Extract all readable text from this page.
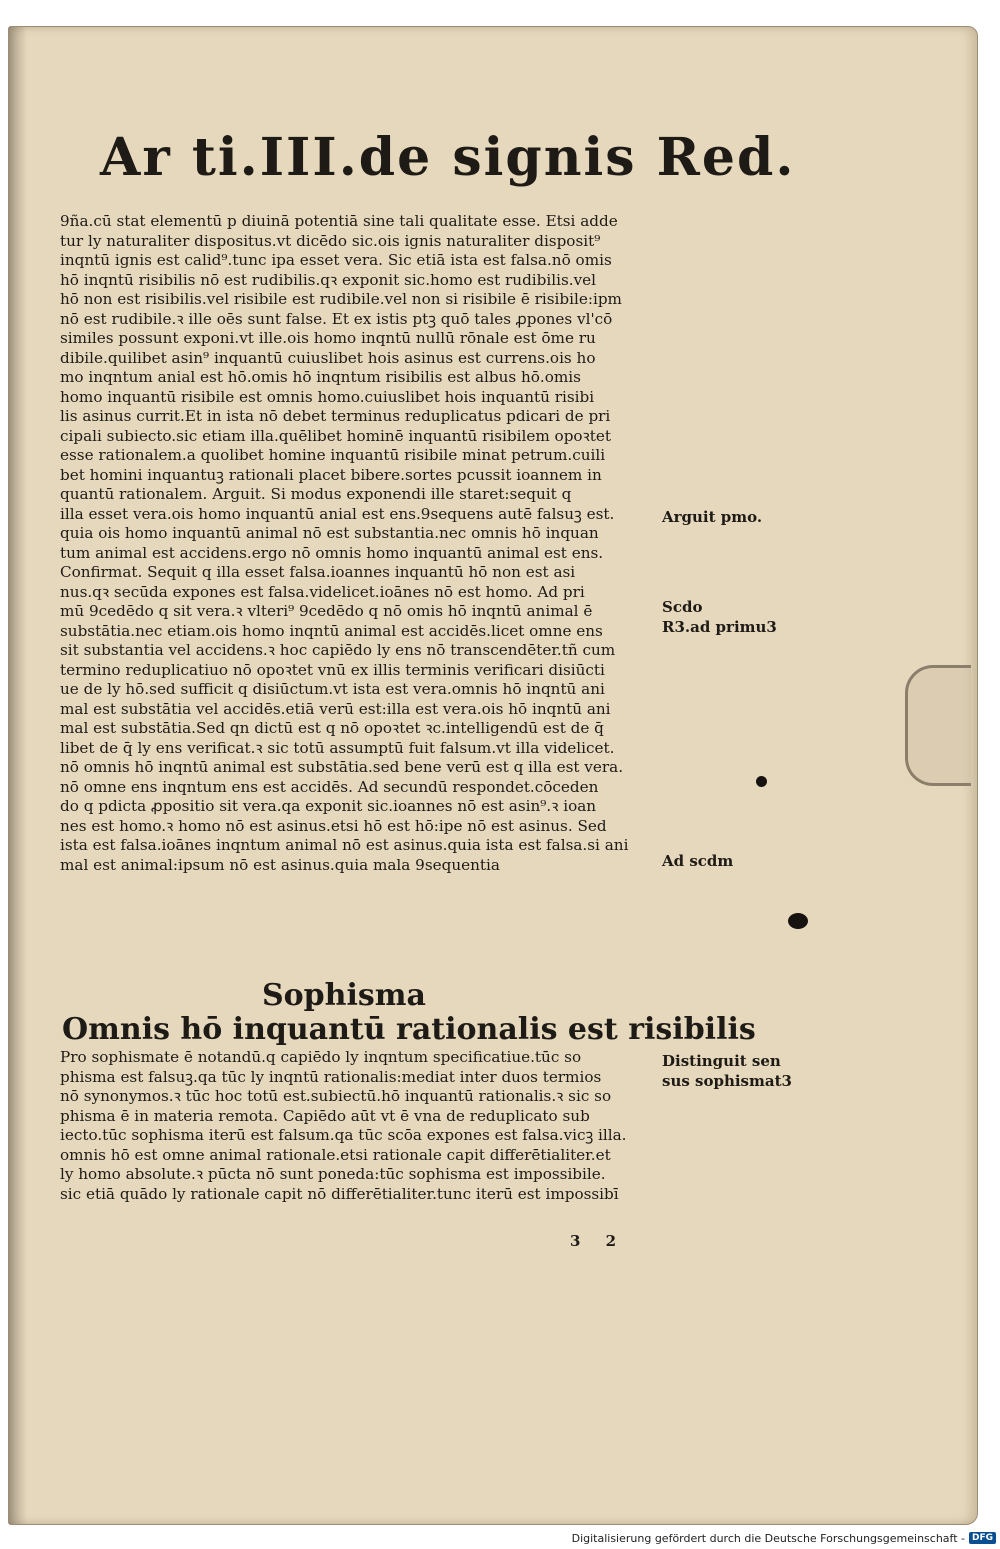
Ar ti.III.de signis Red.
9ña.cū stat elementū p diuinā potentiā sine tali qualitate esse. Etsi adde
tur ly naturaliter dispositus.vt dicēdo sic.ois ignis naturaliter disposit⁹
inqntū ignis est calid⁹.tunc ipa esset vera. Sic etiā ista est falsa.nō omis
hō inqntū risibilis nō est rudibilis.qꝛ exponit sic.homo est rudibilis.vel
hō non est risibilis.vel risibile est rudibile.vel non si risibile ē risibile:ipm
nō est rudibile.ꝛ ille oēs sunt false. Et ex istis ptꝫ quō tales ꝓpones vl'cō
similes possunt exponi.vt ille.ois homo inqntū nullū rōnale est ōme ru
dibile.quilibet asin⁹ inquantū cuiuslibet hois asinus est currens.ois ho
mo inqntum anial est hō.omis hō inqntum risibilis est albus hō.omis
homo inquantū risibile est omnis homo.cuiuslibet hois inquantū risibi
lis asinus currit.Et in ista nō debet terminus reduplicatus pdicari de pri
cipali subiecto.sic etiam illa.quēlibet hominē inquantū risibilem opoꝛtet
esse rationalem.a quolibet homine inquantū risibile minat petrum.cuili
bet homini inquantuꝫ rationali placet bibere.sortes pcussit ioannem in
quantū rationalem. Arguit. Si modus exponendi ille staret:sequit q
illa esset vera.ois homo inquantū anial est ens.9sequens autē falsuꝫ est.
quia ois homo inquantū animal nō est substantia.nec omnis hō inquan
tum animal est accidens.ergo nō omnis homo inquantū animal est ens.
Confirmat. Sequit q illa esset falsa.ioannes inquantū hō non est asi
nus.qꝛ secūda expones est falsa.videlicet.ioānes nō est homo. Ad pri
mū 9cedēdo q sit vera.ꝛ vlteri⁹ 9cedēdo q nō omis hō inqntū animal ē
substātia.nec etiam.ois homo inqntū animal est accidēs.licet omne ens
sit substantia vel accidens.ꝛ hoc capiēdo ly ens nō transcendēter.tñ cum
termino reduplicatiuo nō opoꝛtet vnū ex illis terminis verificari disiūcti
ue de ly hō.sed sufficit q disiūctum.vt ista est vera.omnis hō inqntū ani
mal est substātia vel accidēs.etiā verū est:illa est vera.ois hō inqntū ani
mal est substātia.Sed qn dictū est q nō opoꝛtet ꝛc.intelligendū est de q̄
libet de q̄ ly ens verificat.ꝛ sic totū assumptū fuit falsum.vt illa videlicet.
nō omnis hō inqntū animal est substātia.sed bene verū est q illa est vera.
nō omne ens inqntum ens est accidēs. Ad secundū respondet.cōceden
do q pdicta ꝓpositio sit vera.qa exponit sic.ioannes nō est asin⁹.ꝛ ioan
nes est homo.ꝛ homo nō est asinus.etsi hō est hō:ipe nō est asinus. Sed
ista est falsa.ioānes inqntum animal nō est asinus.quia ista est falsa.si ani
mal est animal:ipsum nō est asinus.quia mala 9sequentia
Arguit pmo.
Scdo
R3.ad primu3
Ad scdm
Sophisma
Omnis hō inquantū rationalis est risibilis
Pro sophismate ē notandū.q capiēdo ly inqntum specificatiue.tūc so
phisma est falsuꝫ.qa tūc ly inqntū rationalis:mediat inter duos termios
nō synonymos.ꝛ tūc hoc totū est.subiectū.hō inquantū rationalis.ꝛ sic so
phisma ē in materia remota. Capiēdo aūt vt ē vna de reduplicato sub
iecto.tūc sophisma iterū est falsum.qa tūc scōa expones est falsa.vicꝫ illa.
omnis hō est omne animal rationale.etsi rationale capit differētialiter.et
ly homo absolute.ꝛ pūcta nō sunt poneda:tūc sophisma est impossibile.
sic etiā quādo ly rationale capit nō differētialiter.tunc iterū est impossibī
Distinguit sen
sus sophismat3
3 2
Digitalisierung gefördert durch die Deutsche Forschungsgemeinschaft - DFG
